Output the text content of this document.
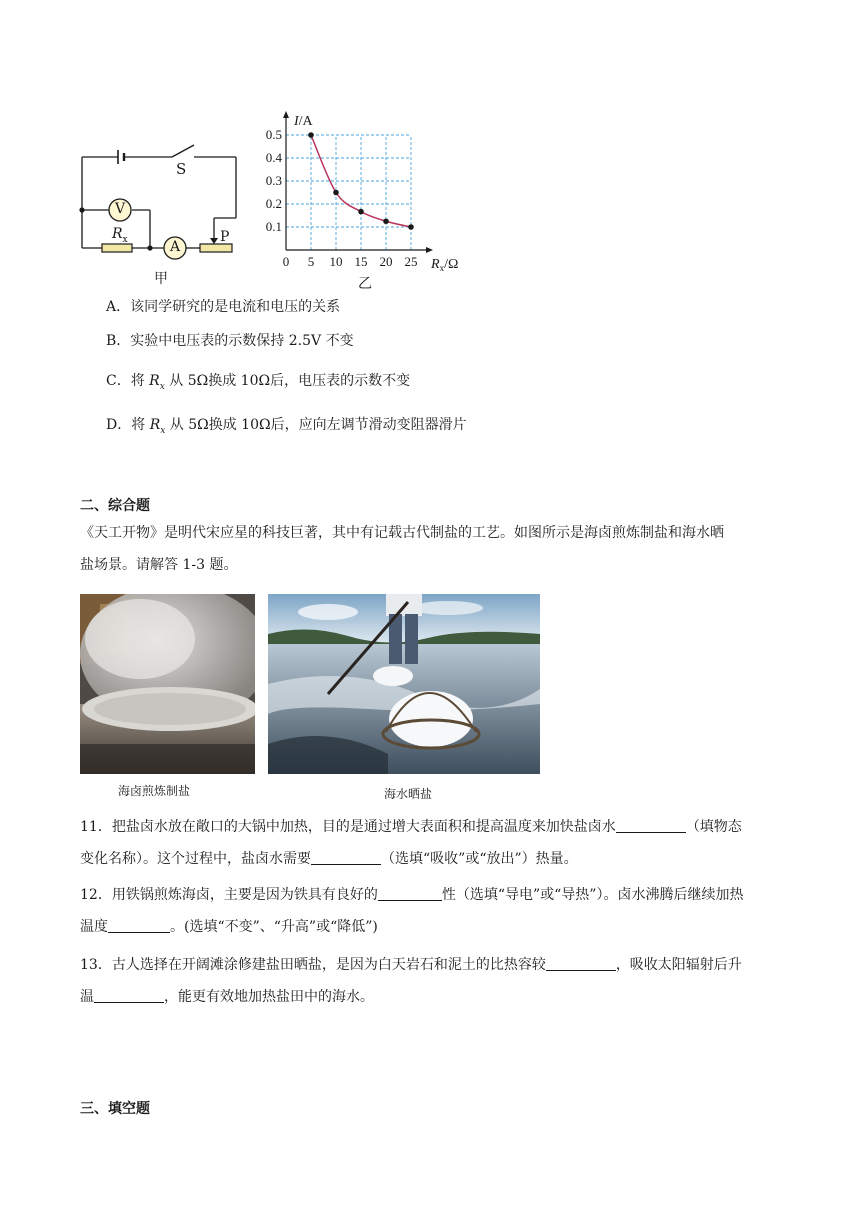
S
V
A
$R_x$	P
甲
5 10 15 20 25
0.1
0.2
0.3
0.4
0.5
0
I/A
$R_x/\Omega$
乙
A．该同学研究的是电流和电压的关系
B．实验中电压表的示数保持 2.5V 不变
C．将 $R_x$ 从 5Ω换成 10Ω后，电压表的示数不变
D．将 $R_x$ 从 5Ω换成 10Ω后，应向左调节滑动变阻器滑片
二、综合题
《天工开物》是明代宋应星的科技巨著，其中有记载古代制盐的工艺。如图所示是海卤煎炼制盐和海水晒
盐场景。请解答 1-3 题。
海卤煎炼制盐	海水晒盐
11．把盐卤水放在敞口的大锅中加热，目的是通过增大表面积和提高温度来加快盐卤水	（填物态
变化名称）。这个过程中，盐卤水需要	（选填“吸收”或“放出”）热量。
12．用铁锅煎炼海卤，主要是因为铁具有良好的	性（选填“导电”或“导热”）。卤水沸腾后继续加热
温度	。(选填“不变”、“升高”或“降低”)
13．古人选择在开阔滩涂修建盐田晒盐，是因为白天岩石和泥土的比热容较	，吸收太阳辐射后升
温	，能更有效地加热盐田中的海水。
三、填空题
